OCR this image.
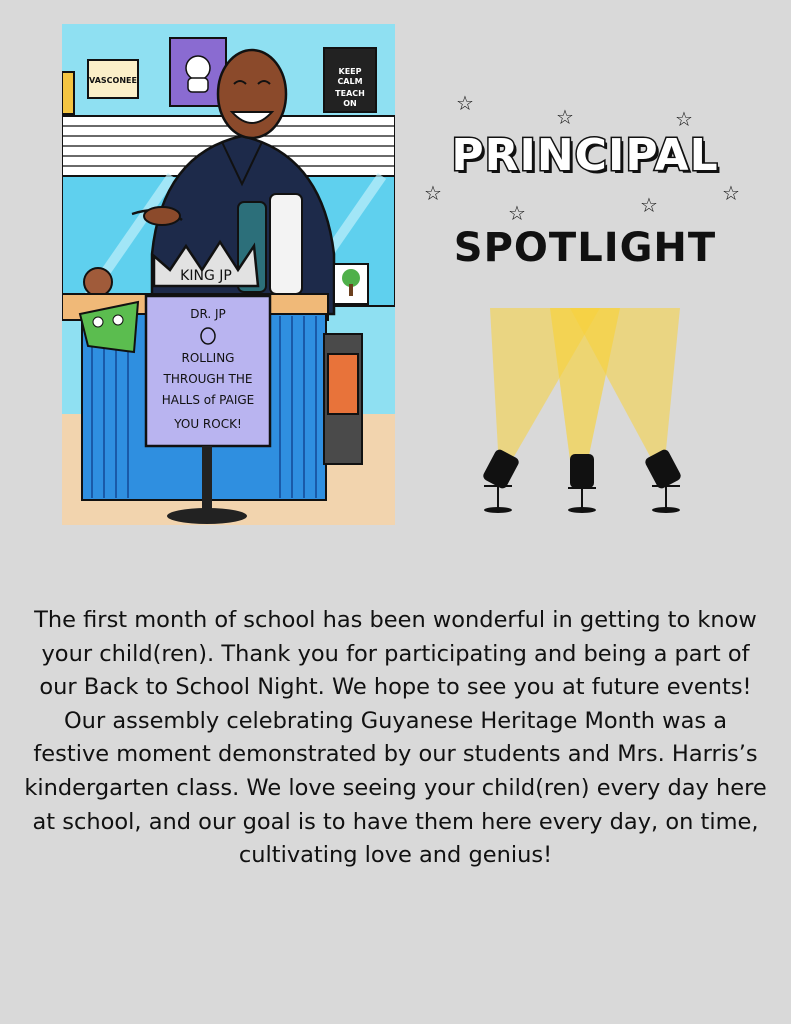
VASCONEE
KEEP
CALM
TEACH
ON
KING JP
DR. JP
ROLLING
THROUGH THE
HALLS of PAIGE
YOU ROCK!
☆
☆	☆
☆
☆	☆	☆
PRINCIPAL
SPOTLIGHT
The first month of school has been wonderful in getting to know your child(ren). Thank you for participating and being a part of our Back to School Night. We hope to see you at future events! Our assembly celebrating Guyanese Heritage Month was a festive moment demonstrated by our students and Mrs. Harris’s kindergarten class. We love seeing your child(ren) every day here at school, and our goal is to have them here every day, on time, cultivating love and genius!
